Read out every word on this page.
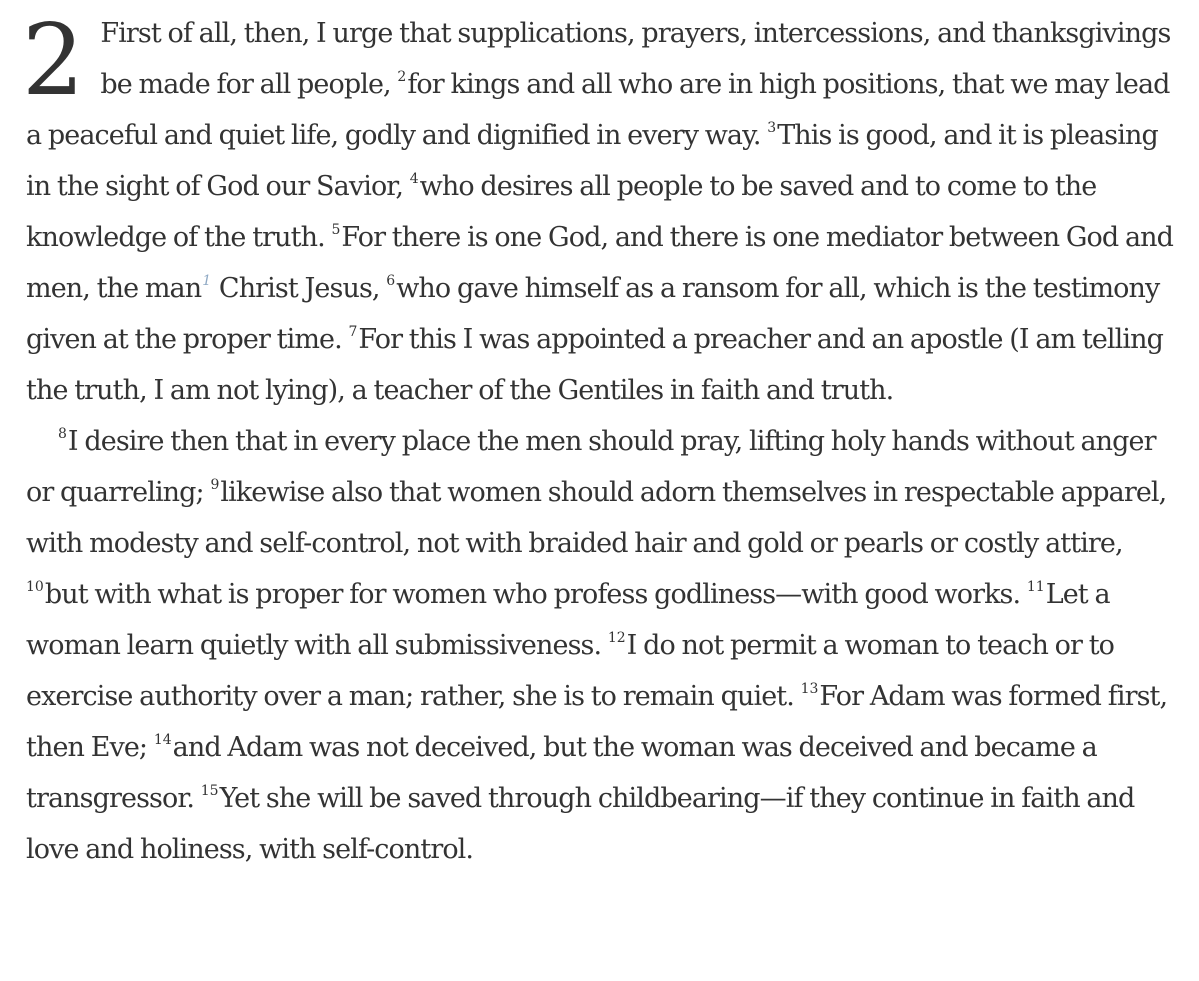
2 First of all, then, I urge that supplications, prayers, intercessions, and thanksgivings be made for all people, $^2$for kings and all who are in high positions, that we may lead a peaceful and quiet life, godly and dignified in every way. $^3$This is good, and it is pleasing in the sight of God our Savior, $^4$who desires all people to be saved and to come to the knowledge of the truth. $^5$For there is one God, and there is one mediator between God and men, the man$^1$ Christ Jesus, $^6$who gave himself as a ransom for all, which is the testimony given at the proper time. $^7$For this I was appointed a preacher and an apostle (I am telling the truth, I am not lying), a teacher of the Gentiles in faith and truth.

$^8$I desire then that in every place the men should pray, lifting holy hands without anger or quarreling; $^9$likewise also that women should adorn themselves in respectable apparel, with modesty and self-control, not with braided hair and gold or pearls or costly attire, $^{10}$but with what is proper for women who profess godliness—with good works. $^{11}$Let a woman learn quietly with all submissiveness. $^{12}$I do not permit a woman to teach or to exercise authority over a man; rather, she is to remain quiet. $^{13}$For Adam was formed first, then Eve; $^{14}$and Adam was not deceived, but the woman was deceived and became a transgressor. $^{15}$Yet she will be saved through childbearing—if they continue in faith and love and holiness, with self-control.
